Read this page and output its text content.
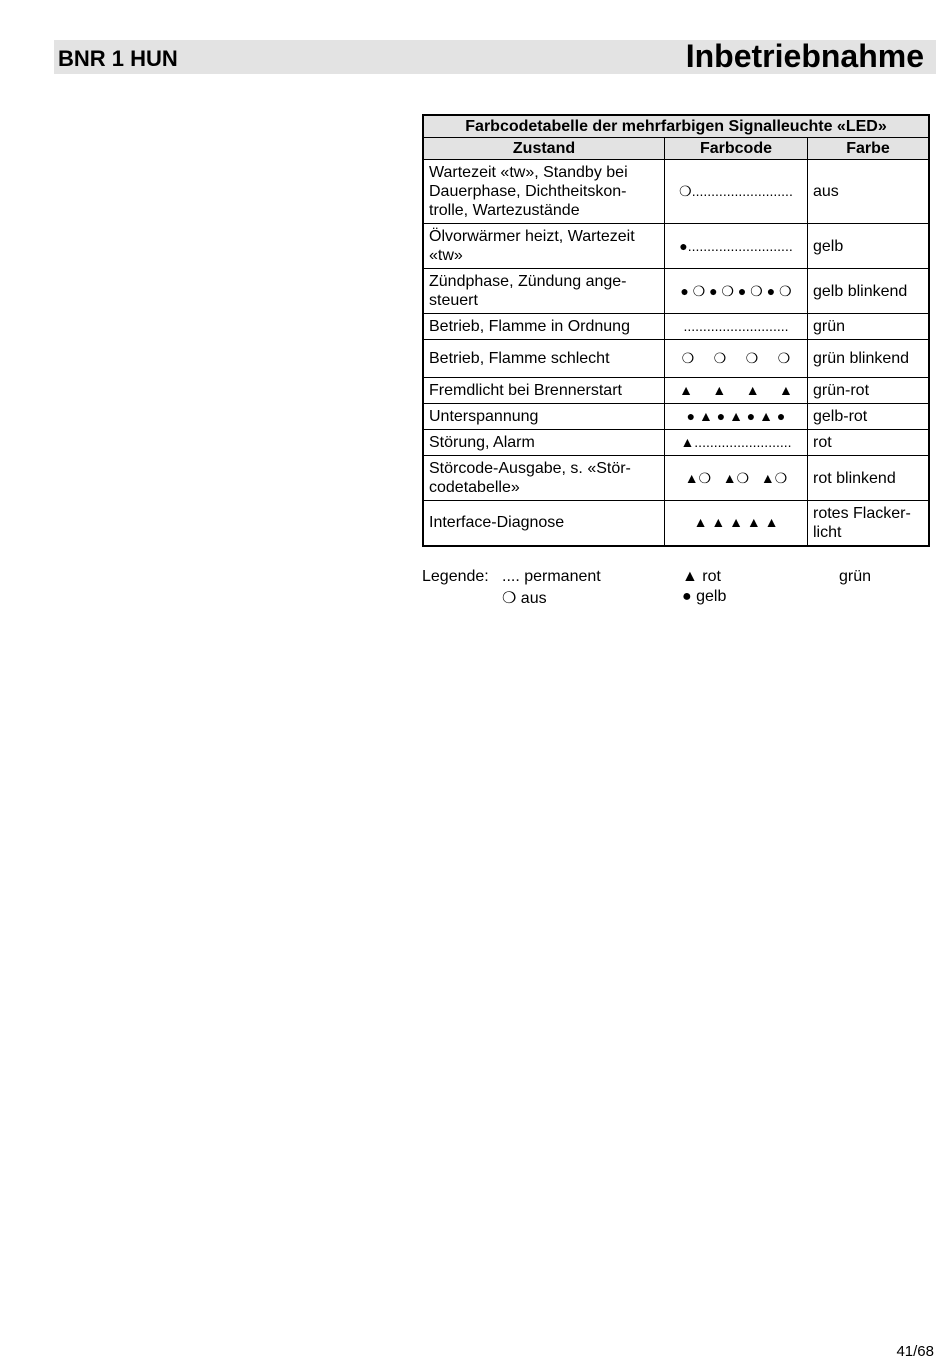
BNR 1 HUN	Inbetriebnahme
Farbcodetabelle der mehrfarbigen Signalleuchte «LED»		
Zustand	Farbcode	Farbe
Wartezeit «tw», Standby bei Dauerphase, Dichtheitskon-trolle, Wartezustände	❍..........................	aus
Ölvorwärmer heizt, Wartezeit «tw»	●...........................	gelb
Zündphase, Zündung ange-steuert	● ❍ ● ❍ ● ❍ ● ❍	gelb blinkend
Betrieb, Flamme in Ordnung	...........................	grün
Betrieb, Flamme schlecht	❍     ❍     ❍     ❍	grün blinkend
Fremdlicht bei Brennerstart	▲     ▲     ▲     ▲	grün-rot
Unterspannung	● ▲ ● ▲ ● ▲ ●	gelb-rot
Störung, Alarm	▲.........................	rot
Störcode-Ausgabe, s. «Stör-codetabelle»	▲❍   ▲❍   ▲❍	rot blinkend
Interface-Diagnose	▲ ▲ ▲ ▲ ▲	rotes Flacker-licht
Legende: .... permanent	▲ rot	grün
❍ aus	● gelb
41/68
